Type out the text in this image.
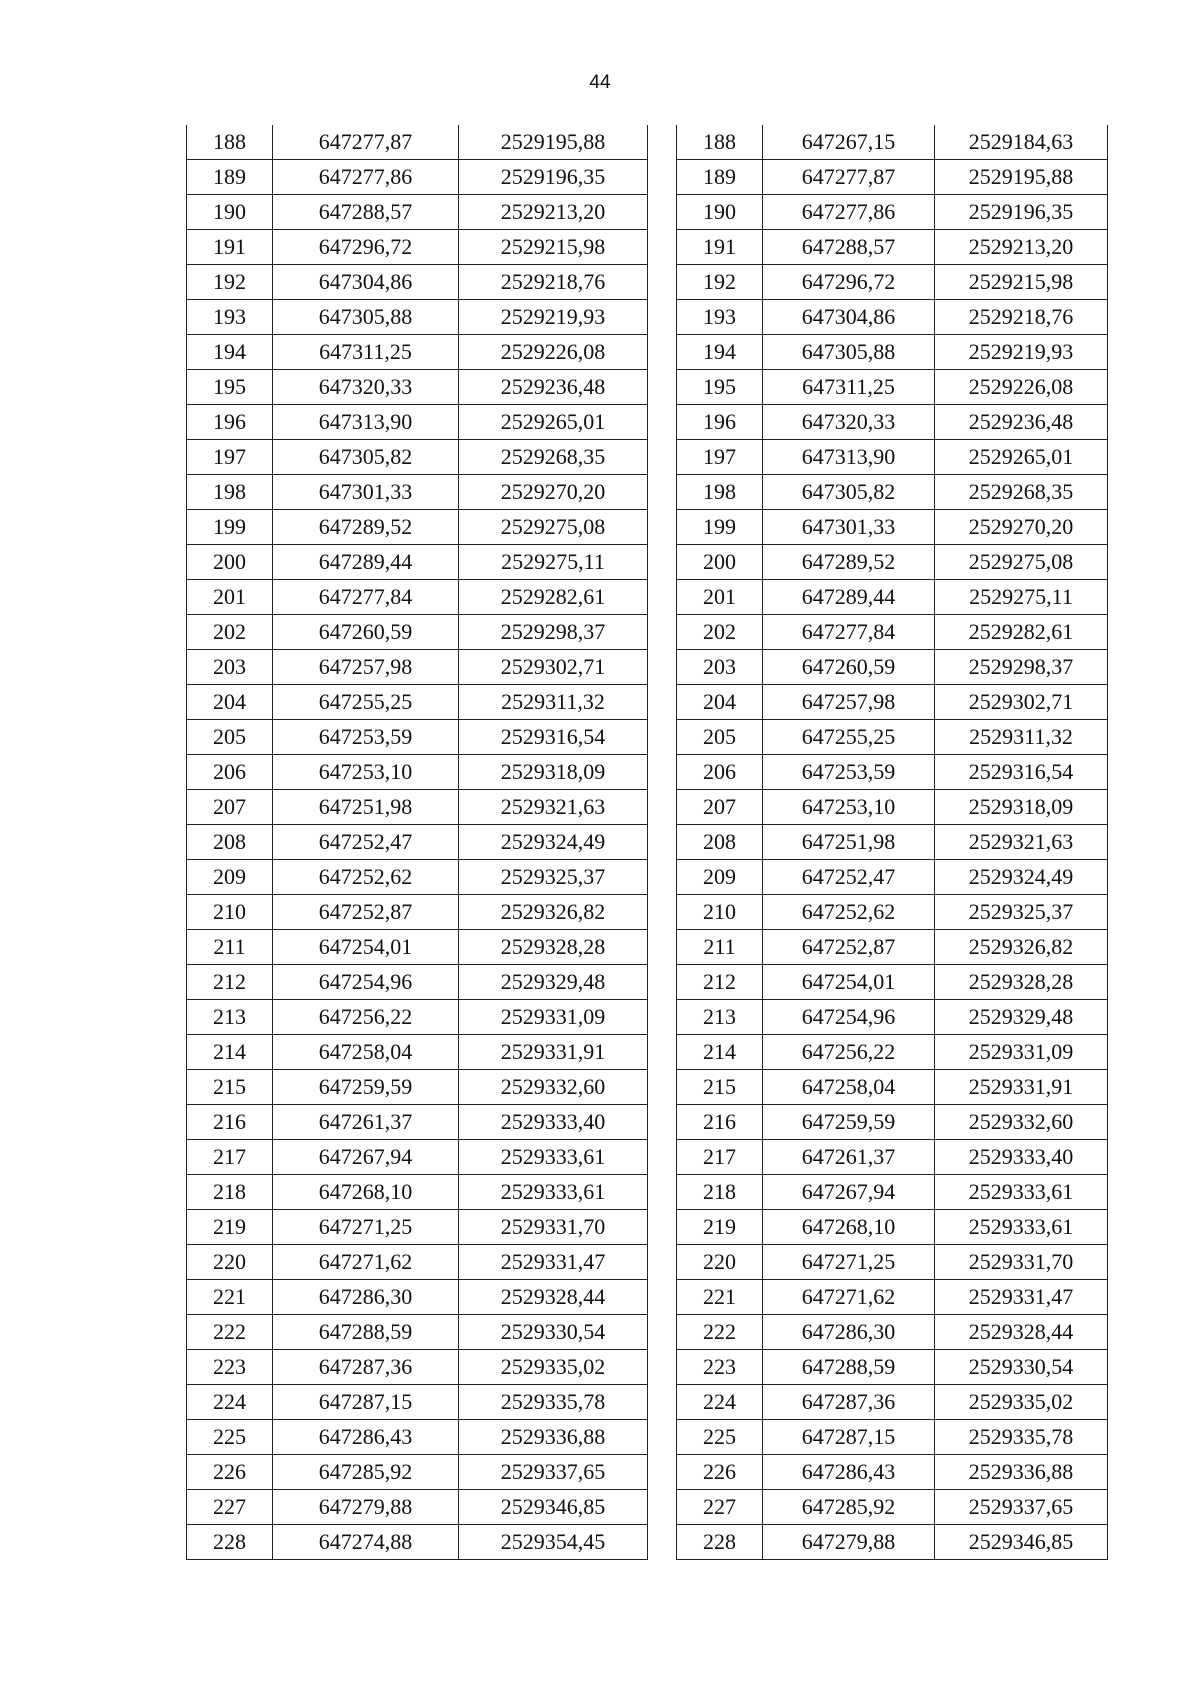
44
188	647277,87	2529195,88
189	647277,86	2529196,35
190	647288,57	2529213,20
191	647296,72	2529215,98
192	647304,86	2529218,76
193	647305,88	2529219,93
194	647311,25	2529226,08
195	647320,33	2529236,48
196	647313,90	2529265,01
197	647305,82	2529268,35
198	647301,33	2529270,20
199	647289,52	2529275,08
200	647289,44	2529275,11
201	647277,84	2529282,61
202	647260,59	2529298,37
203	647257,98	2529302,71
204	647255,25	2529311,32
205	647253,59	2529316,54
206	647253,10	2529318,09
207	647251,98	2529321,63
208	647252,47	2529324,49
209	647252,62	2529325,37
210	647252,87	2529326,82
211	647254,01	2529328,28
212	647254,96	2529329,48
213	647256,22	2529331,09
214	647258,04	2529331,91
215	647259,59	2529332,60
216	647261,37	2529333,40
217	647267,94	2529333,61
218	647268,10	2529333,61
219	647271,25	2529331,70
220	647271,62	2529331,47
221	647286,30	2529328,44
222	647288,59	2529330,54
223	647287,36	2529335,02
224	647287,15	2529335,78
225	647286,43	2529336,88
226	647285,92	2529337,65
227	647279,88	2529346,85
228	647274,88	2529354,45
188	647267,15	2529184,63
189	647277,87	2529195,88
190	647277,86	2529196,35
191	647288,57	2529213,20
192	647296,72	2529215,98
193	647304,86	2529218,76
194	647305,88	2529219,93
195	647311,25	2529226,08
196	647320,33	2529236,48
197	647313,90	2529265,01
198	647305,82	2529268,35
199	647301,33	2529270,20
200	647289,52	2529275,08
201	647289,44	2529275,11
202	647277,84	2529282,61
203	647260,59	2529298,37
204	647257,98	2529302,71
205	647255,25	2529311,32
206	647253,59	2529316,54
207	647253,10	2529318,09
208	647251,98	2529321,63
209	647252,47	2529324,49
210	647252,62	2529325,37
211	647252,87	2529326,82
212	647254,01	2529328,28
213	647254,96	2529329,48
214	647256,22	2529331,09
215	647258,04	2529331,91
216	647259,59	2529332,60
217	647261,37	2529333,40
218	647267,94	2529333,61
219	647268,10	2529333,61
220	647271,25	2529331,70
221	647271,62	2529331,47
222	647286,30	2529328,44
223	647288,59	2529330,54
224	647287,36	2529335,02
225	647287,15	2529335,78
226	647286,43	2529336,88
227	647285,92	2529337,65
228	647279,88	2529346,85
